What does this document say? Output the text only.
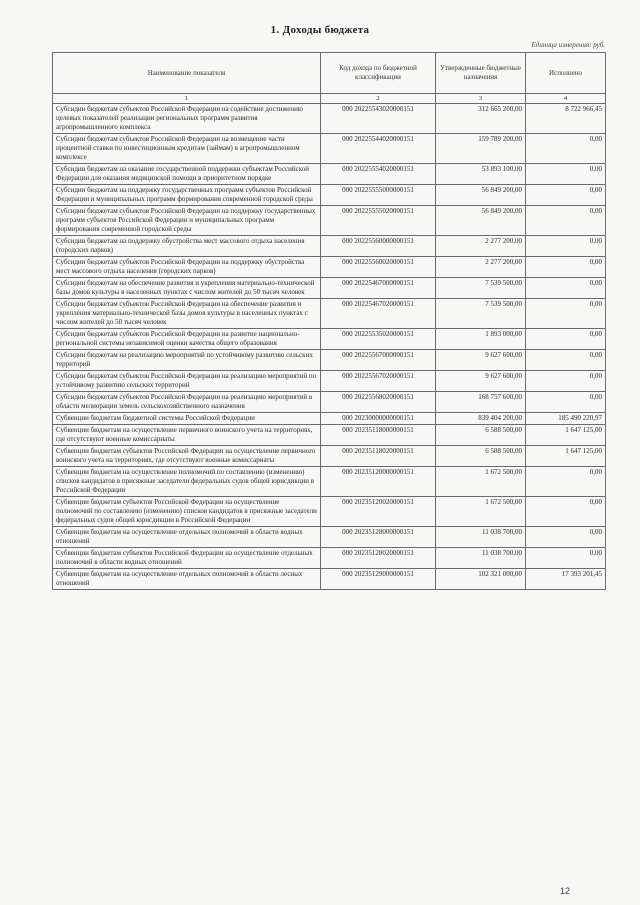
1. Доходы бюджета
Единица измерения: руб.
Наименование показателя	Код дохода по бюджетной классификации	Утвержденные бюджетные назначения	Исполнено
1	2	3	4
Субсидии бюджетам субъектов Российской Федерации на содействие достижению целевых показателей реализации региональных программ развития агропромышленного комплекса	000 20225543020000151	312 665 200,00	8 722 966,45
Субсидии бюджетам субъектов Российской Федерации на возмещение части процентной ставки по инвестиционным кредитам (займам) в агропромышленном комплексе	000 20225544020000151	159 789 200,00	0,00
Субсидии бюджетам на оказание государственной поддержки субъектам Российской Федерации для оказания медицинской помощи в приоритетном порядке	000 20225554020000151	53 893 100,00	0,00
Субсидии бюджетам на поддержку государственных программ субъектов Российской Федерации и муниципальных программ формирования современной городской среды	000 20225555000000151	56 849 200,00	0,00
Субсидии бюджетам субъектов Российской Федерации на поддержку государственных программ субъектов Российской Федерации и муниципальных программ формирования современной городской среды	000 20225555020000151	56 849 200,00	0,00
Субсидии бюджетам на поддержку обустройства мест массового отдыха населения (городских парков)	000 20225560000000151	2 277 200,00	0,00
Субсидии бюджетам субъектов Российской Федерации на поддержку обустройства мест массового отдыха населения (городских парков)	000 20225560020000151	2 277 200,00	0,00
Субсидии бюджетам на обеспечение развития и укрепления материально-технической базы домов культуры в населенных пунктах с числом жителей до 50 тысяч человек	000 20225467000000151	7 539 500,00	0,00
Субсидии бюджетам субъектов Российской Федерации на обеспечение развития и укрепления материально-технической базы домов культуры в населенных пунктах с числом жителей до 50 тысяч человек	000 20225467020000151	7 539 500,00	0,00
Субсидии бюджетам субъектов Российской Федерации на развитие национально-региональной системы независимой оценки качества общего образования	000 20225535020000151	1 893 000,00	0,00
Субсидии бюджетам на реализацию мероприятий по устойчивому развитию сельских территорий	000 20225567000000151	9 627 600,00	0,00
Субсидии бюджетам субъектов Российской Федерации на реализацию мероприятий по устойчивому развитию сельских территорий	000 20225567020000151	9 627 600,00	0,00
Субсидии бюджетам субъектов Российской Федерации на реализацию мероприятий в области мелиорации земель сельскохозяйственного назначения	000 20225568020000151	168 757 600,00	0,00
Субвенции бюджетам бюджетной системы Российской Федерации	000 20230000000000151	839 404 200,00	185 490 220,97
Субвенции бюджетам на осуществление первичного воинского учета на территориях, где отсутствуют военные комиссариаты	000 20235118000000151	6 588 500,00	1 647 125,00
Субвенции бюджетам субъектов Российской Федерации на осуществление первичного воинского учета на территориях, где отсутствуют военные комиссариаты	000 20235118020000151	6 588 500,00	1 647 125,00
Субвенции бюджетам на осуществление полномочий по составлению (изменению) списков кандидатов в присяжные заседатели федеральных судов общей юрисдикции в Российской Федерации	000 20235120000000151	1 672 500,00	0,00
Субвенции бюджетам субъектов Российской Федерации на осуществление полномочий по составлению (изменению) списков кандидатов в присяжные заседатели федеральных судов общей юрисдикции в Российской Федерации	000 20235120020000151	1 672 500,00	0,00
Субвенции бюджетам на осуществление отдельных полномочий в области водных отношений	000 20235128000000151	11 038 700,00	0,00
Субвенции бюджетам субъектов Российской Федерации на осуществление отдельных полномочий в области водных отношений	000 20235128020000151	11 038 700,00	0,00
Субвенции бюджетам на осуществление отдельных полномочий в области лесных отношений	000 20235129000000151	102 321 000,00	17 393 201,45
12
